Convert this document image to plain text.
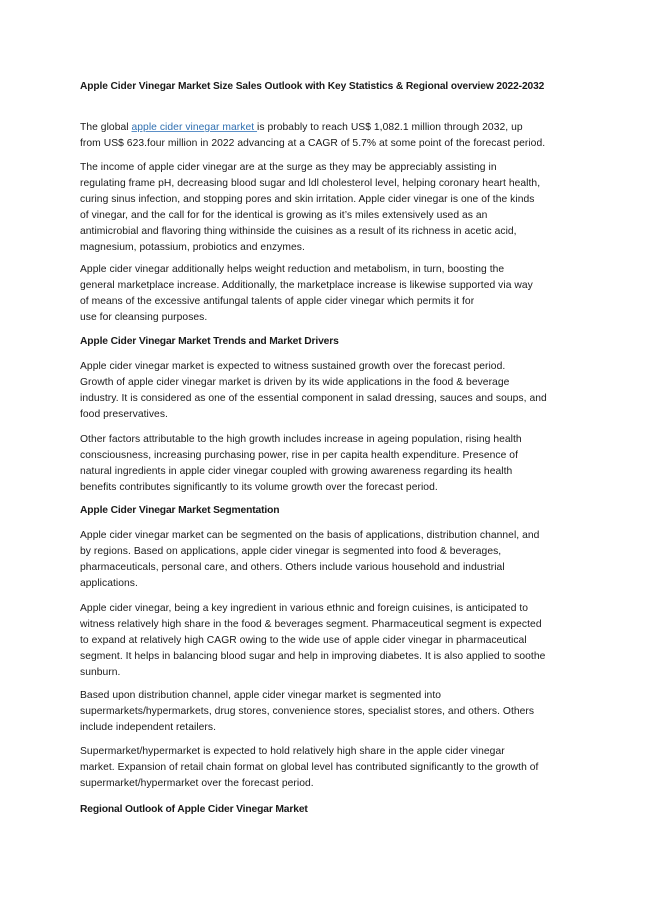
Apple Cider Vinegar Market Size Sales Outlook with Key Statistics & Regional overview 2022-2032

The global apple cider vinegar market is probably to reach US$ 1,082.1 million through 2032, up
from US$ 623.four million in 2022 advancing at a CAGR of 5.7% at some point of the forecast period.

The income of apple cider vinegar are at the surge as they may be appreciably assisting in
regulating frame pH, decreasing blood sugar and ldl cholesterol level, helping coronary heart health,
curing sinus infection, and stopping pores and skin irritation. Apple cider vinegar is one of the kinds
of vinegar, and the call for for the identical is growing as it’s miles extensively used as an
antimicrobial and flavoring thing withinside the cuisines as a result of its richness in acetic acid,
magnesium, potassium, probiotics and enzymes.

Apple cider vinegar additionally helps weight reduction and metabolism, in turn, boosting the
general marketplace increase. Additionally, the marketplace increase is likewise supported via way
of means of the excessive antifungal talents of apple cider vinegar which permits it for
use for cleansing purposes.

Apple Cider Vinegar Market Trends and Market Drivers

Apple cider vinegar market is expected to witness sustained growth over the forecast period.
Growth of apple cider vinegar market is driven by its wide applications in the food & beverage
industry. It is considered as one of the essential component in salad dressing, sauces and soups, and
food preservatives.

Other factors attributable to the high growth includes increase in ageing population, rising health
consciousness, increasing purchasing power, rise in per capita health expenditure. Presence of
natural ingredients in apple cider vinegar coupled with growing awareness regarding its health
benefits contributes significantly to its volume growth over the forecast period.

Apple Cider Vinegar Market Segmentation

Apple cider vinegar market can be segmented on the basis of applications, distribution channel, and
by regions. Based on applications, apple cider vinegar is segmented into food & beverages,
pharmaceuticals, personal care, and others. Others include various household and industrial
applications.

Apple cider vinegar, being a key ingredient in various ethnic and foreign cuisines, is anticipated to
witness relatively high share in the food & beverages segment. Pharmaceutical segment is expected
to expand at relatively high CAGR owing to the wide use of apple cider vinegar in pharmaceutical
segment. It helps in balancing blood sugar and help in improving diabetes. It is also applied to soothe
sunburn.

Based upon distribution channel, apple cider vinegar market is segmented into
supermarkets/hypermarkets, drug stores, convenience stores, specialist stores, and others. Others
include independent retailers.

Supermarket/hypermarket is expected to hold relatively high share in the apple cider vinegar
market. Expansion of retail chain format on global level has contributed significantly to the growth of
supermarket/hypermarket over the forecast period.

Regional Outlook of Apple Cider Vinegar Market
